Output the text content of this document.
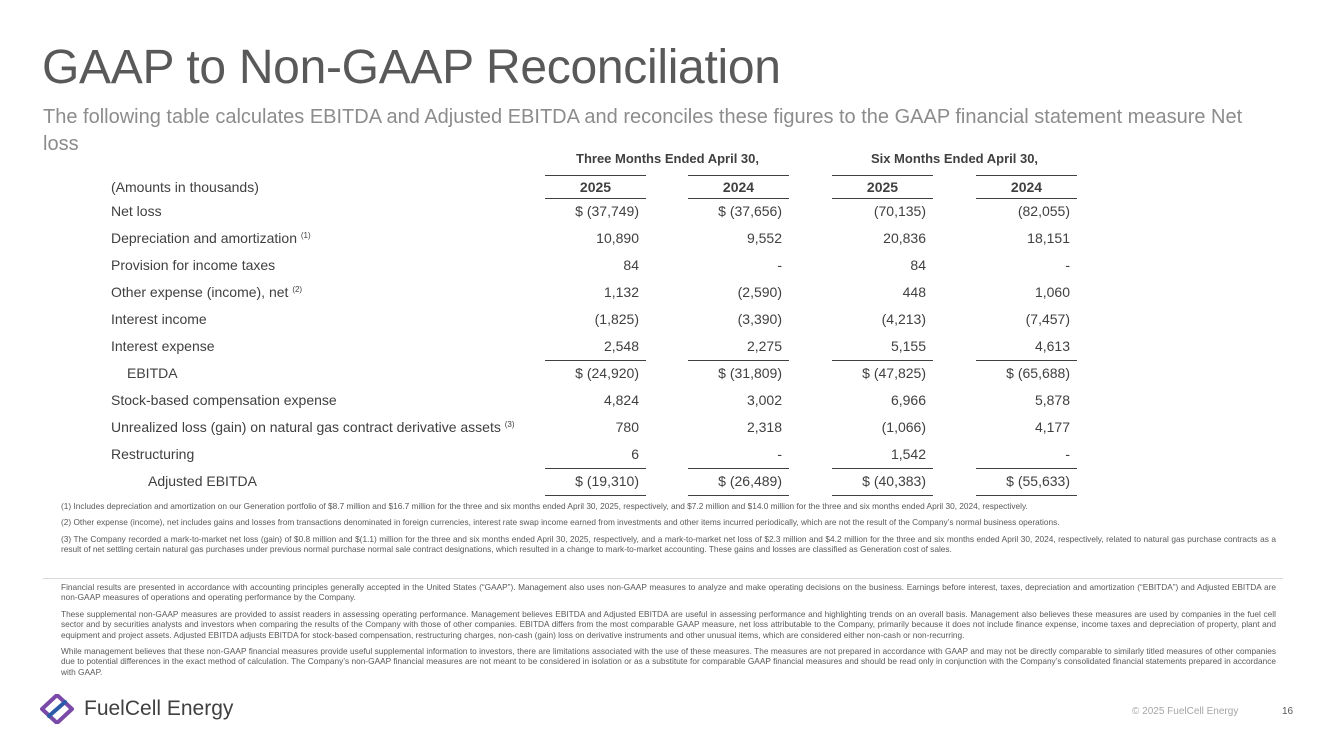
GAAP to Non-GAAP Reconciliation
The following table calculates EBITDA and Adjusted EBITDA and reconciles these figures to the GAAP financial statement measure Net loss
Three Months Ended April 30,	Six Months Ended April 30,
(Amounts in thousands)	2025	2024	2025	2024
Net loss	$ (37,749)	$ (37,656)	(70,135)	(82,055)
Depreciation and amortization $^{(1)}$	10,890	9,552	20,836	18,151
Provision for income taxes	84	-	84	-
Other expense (income), net $^{(2)}$	1,132	(2,590)	448	1,060
Interest income	(1,825)	(3,390)	(4,213)	(7,457)
Interest expense	2,548	2,275	5,155	4,613
EBITDA	$ (24,920)	$ (31,809)	$ (47,825)	$ (65,688)
Stock-based compensation expense	4,824	3,002	6,966	5,878
Unrealized loss (gain) on natural gas contract derivative assets $^{(3)}$	780	2,318	(1,066)	4,177
Restructuring	6	-	1,542	-
Adjusted EBITDA	$ (19,310)	$ (26,489)	$ (40,383)	$ (55,633)
(1) Includes depreciation and amortization on our Generation portfolio of $8.7 million and $16.7 million for the three and six months ended April 30, 2025, respectively, and $7.2 million and $14.0 million for the three and six months ended April 30, 2024, respectively.
(2) Other expense (income), net includes gains and losses from transactions denominated in foreign currencies, interest rate swap income earned from investments and other items incurred periodically, which are not the result of the Company’s normal business operations.
(3) The Company recorded a mark-to-market net loss (gain) of $0.8 million and $(1.1) million for the three and six months ended April 30, 2025, respectively, and a mark-to-market net loss of $2.3 million and $4.2 million for the three and six months ended April 30, 2024, respectively, related to natural gas purchase contracts as a result of net settling certain natural gas purchases under previous normal purchase normal sale contract designations, which resulted in a change to mark-to-market accounting. These gains and losses are classified as Generation cost of sales.
Financial results are presented in accordance with accounting principles generally accepted in the United States (“GAAP”). Management also uses non-GAAP measures to analyze and make operating decisions on the business. Earnings before interest, taxes, depreciation and amortization (“EBITDA”) and Adjusted EBITDA are non-GAAP measures of operations and operating performance by the Company.
These supplemental non-GAAP measures are provided to assist readers in assessing operating performance. Management believes EBITDA and Adjusted EBITDA are useful in assessing performance and highlighting trends on an overall basis. Management also believes these measures are used by companies in the fuel cell sector and by securities analysts and investors when comparing the results of the Company with those of other companies. EBITDA differs from the most comparable GAAP measure, net loss attributable to the Company, primarily because it does not include finance expense, income taxes and depreciation of property, plant and equipment and project assets. Adjusted EBITDA adjusts EBITDA for stock-based compensation, restructuring charges, non-cash (gain) loss on derivative instruments and other unusual items, which are considered either non-cash or non-recurring.
While management believes that these non-GAAP financial measures provide useful supplemental information to investors, there are limitations associated with the use of these measures. The measures are not prepared in accordance with GAAP and may not be directly comparable to similarly titled measures of other companies due to potential differences in the exact method of calculation. The Company’s non-GAAP financial measures are not meant to be considered in isolation or as a substitute for comparable GAAP financial measures and should be read only in conjunction with the Company’s consolidated financial statements prepared in accordance with GAAP.
FuelCell Energy	© 2025 FuelCell Energy	16
